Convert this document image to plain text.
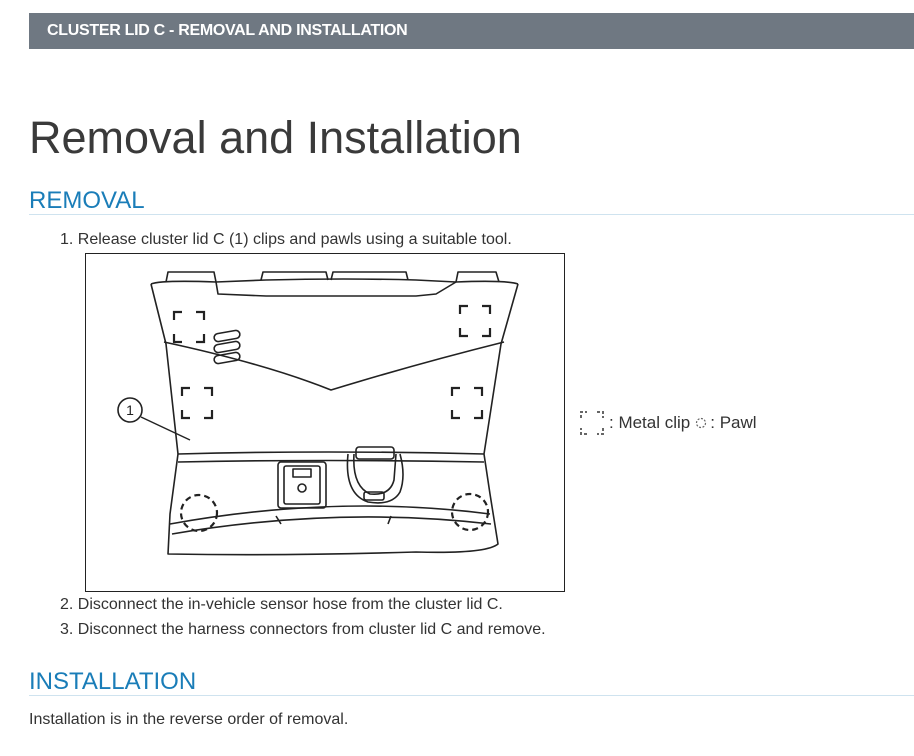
CLUSTER LID C - REMOVAL AND INSTALLATION
Removal and Installation
REMOVAL
1. Release cluster lid C (1) clips and pawls using a suitable tool.
1
: Metal clip : Pawl
2. Disconnect the in-vehicle sensor hose from the cluster lid C.
3. Disconnect the harness connectors from cluster lid C and remove.
INSTALLATION
Installation is in the reverse order of removal.
